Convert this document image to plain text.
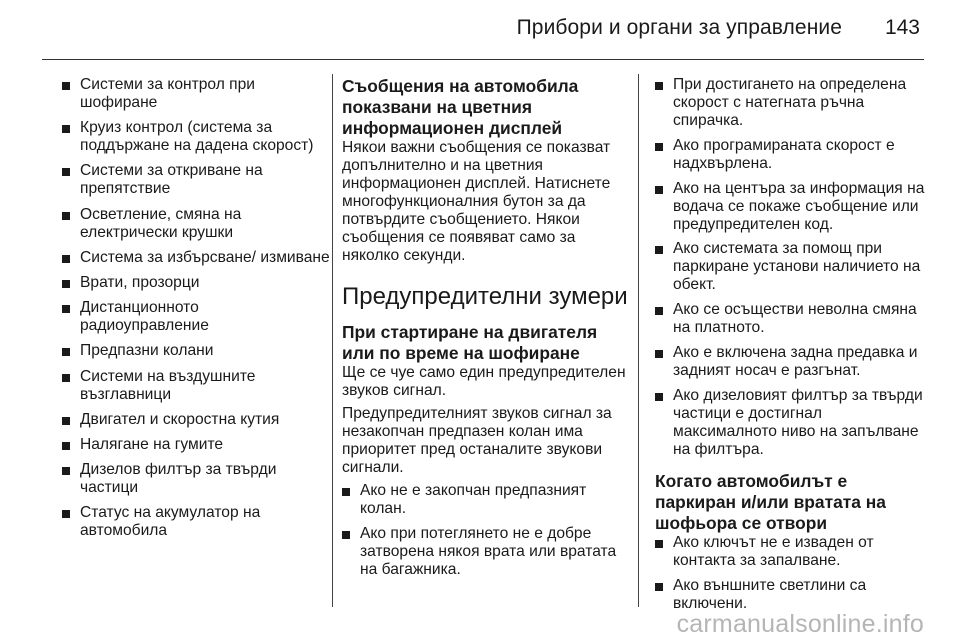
Прибори и органи за управление 143
Системи за контрол при шофиране
Круиз контрол (система за поддържане на дадена скорост)
Системи за откриване на препятствие
Осветление, смяна на електрически крушки
Система за избърсване/ измиване
Врати, прозорци
Дистанционното радиоуправление
Предпазни колани
Системи на въздушните възглавници
Двигател и скоростна кутия
Налягане на гумите
Дизелов филтър за твърди частици
Статус на акумулатор на автомобила
Съобщения на автомобила показвани на цветния информационен дисплей

Някои важни съобщения се показват допълнително и на цветния информационен дисплей. Натиснете многофункционалния бутон за да потвърдите съобщението. Някои съобщения се появяват само за няколко секунди.

Предупредителни зумери
При стартиране на двигателя или по време на шофиране

Ще се чуе само един предупредителен звуков сигнал.

Предупредителният звуков сигнал за незакопчан предпазен колан има приоритет пред останалите звукови сигнали.

Ако не е закопчан предпазният колан.
Ако при потеглянето не е добре затворена някоя врата или вратата на багажника.
При достигането на определена скорост с натегната ръчна спирачка.
Ако програмираната скорост е надхвърлена.
Ако на центъра за информация на водача се покаже съобщение или предупредителен код.
Ако системата за помощ при паркиране установи наличието на обект.
Ако се осъществи неволна смяна на платното.
Ако е включена задна предавка и задният носач е разгънат.
Ако дизеловият филтър за твърди частици е достигнал максималното ниво на запълване на филтъра.
Когато автомобилът е паркиран и/или вратата на шофьора се отвори
Ако ключът не е изваден от контакта за запалване.
Ако външните светлини са включени.
carmanualsonline.info
